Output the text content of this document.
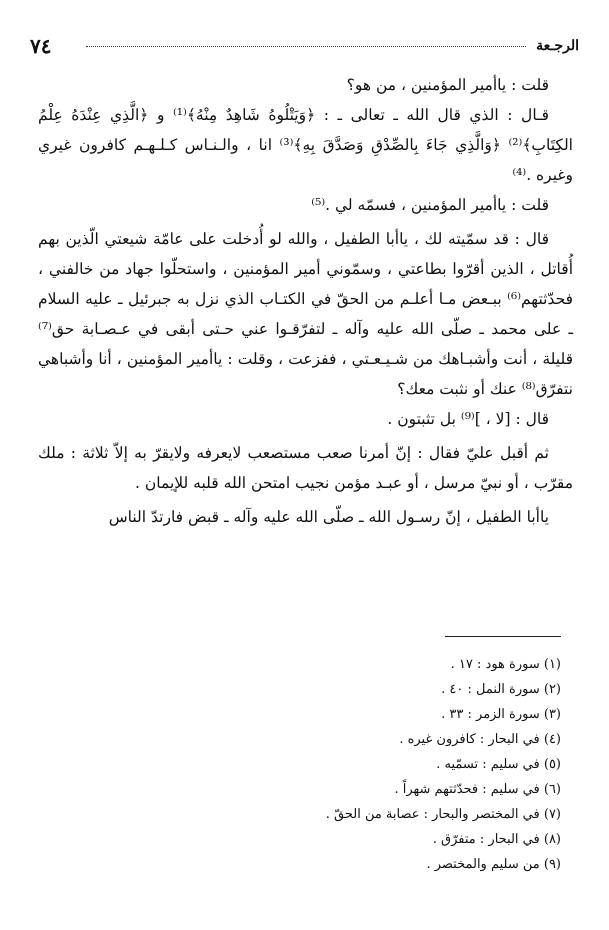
٧٤	الرجـعة

قلت : ياأمير المؤمنين ، من هو؟

قـال : الذي قال الله ـ تعالى ـ : ﴿وَيَتْلُوهُ شَاهِدٌ مِنْهُ﴾⁽¹⁾ و ﴿الَّذِي عِنْدَهُ عِلْمُ الكِتَابِ﴾⁽²⁾ ﴿وَالَّذِي جَاءَ بِالصِّدْقِ وَصَدَّقَ بِهِ﴾⁽³⁾ انا ، والـنـاس كـلـهـم كافرون غيري وغيره .⁽⁴⁾

قلت : ياأمير المؤمنين ، فسمّه لي .⁽⁵⁾

قال : قد سمّيته لك ، ياأبا الطفيل ، والله لو أُدخلت على عامّة شيعتي الّذين بهم أُقاتل ، الذين أقرّوا بطاعتي ، وسمّوني أمير المؤمنين ، واستحلّوا جهاد من خالفني ، فحدّثتهم⁽⁶⁾ ببـعض مـا أعلـم من الحقّ في الكتـاب الذي نزل به جبرئيل ـ عليه السلام ـ على محمد ـ صلّى الله عليه وآله ـ لتفرّقـوا عني حـتى أبقى في عـصـابة حق⁽⁷⁾ قليلة ، أنت وأشبـاهك من شـيـعـتي ، ففزعت ، وقلت : ياأمير المؤمنين ، أنا وأشباهي نتفرّق⁽⁸⁾ عنك أو نثبت معك؟

قال : [لا ، ]⁽⁹⁾ بل تثبتون .

ثم أقبل عليّ فقال : إنّ أمرنا صعب مستصعب لايعرفه ولايقرّ به إلاّ ثلاثة : ملك مقرّب ، أو نبيّ مرسل ، أو عبـد مؤمن نجيب امتحن الله قلبه للإيمان .

ياأبا الطفيل ، إنّ رسـول الله ـ صلّى الله عليه وآله ـ قبض فارتدّ الناس

(١) سورة هود : ١٧ .
(٢) سورة النمل : ٤٠ .
(٣) سورة الزمر : ٣٣ .
(٤) في البحار : كافرون غيره .
(٥) في سليم : تسمّيه .
(٦) في سليم : فحدّثتهم شهراً .
(٧) في المختصر والبحار : عصابة من الحقّ .
(٨) في البحار : متفرّق .
(٩) من سليم والمختصر .
